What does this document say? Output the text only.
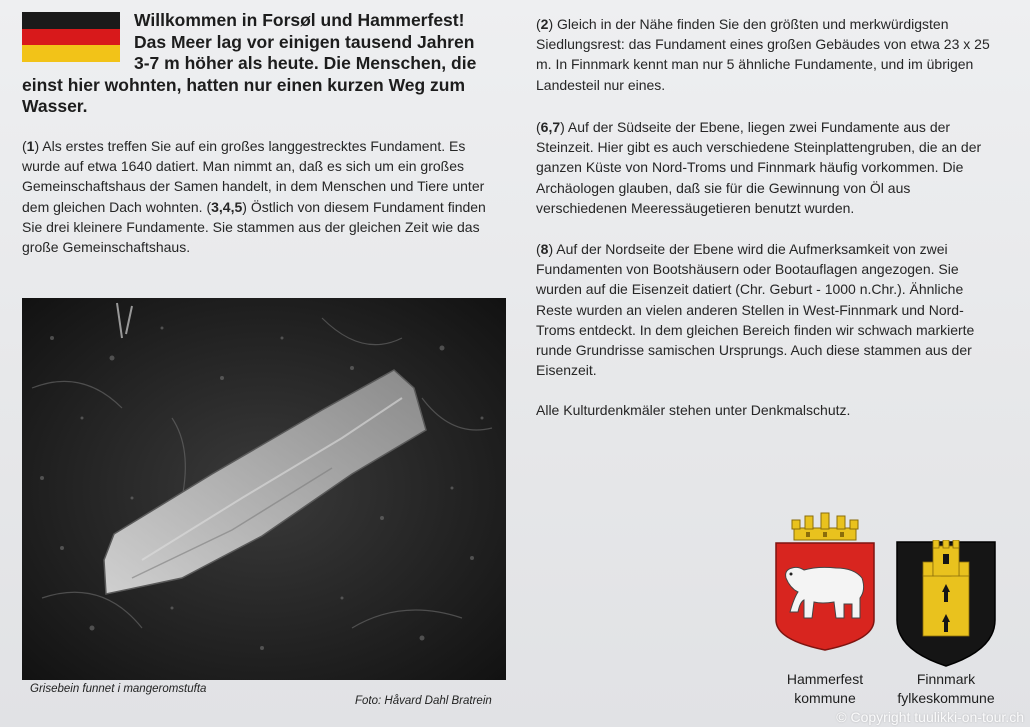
Willkommen in Forsøl und Hammerfest!
Das Meer lag vor einigen tausend Jahren
3-7 m höher als heute. Die Menschen, die
einst hier wohnten, hatten nur einen kurzen Weg zum
Wasser.
(1) Als erstes treffen Sie auf ein großes langgestrecktes Fundament. Es wurde auf etwa 1640 datiert. Man nimmt an, daß es sich um ein großes Gemeinschaftshaus der Samen handelt, in dem Menschen und Tiere unter dem gleichen Dach wohnten. (3,4,5) Östlich von diesem Fundament finden Sie drei kleinere Fundamente. Sie stammen aus der gleichen Zeit wie das große Gemeinschaftshaus.
(2) Gleich in der Nähe finden Sie den größten und merkwürdigsten Siedlungsrest: das Fundament eines großen Gebäudes von etwa 23 x 25 m. In Finnmark kennt man nur 5 ähnliche Fundamente, und im übrigen Landesteil nur eines.
(6,7) Auf der Südseite der Ebene, liegen zwei Fundamente aus der Steinzeit. Hier gibt es auch verschiedene Steinplattengruben, die an der ganzen Küste von Nord-Troms und Finnmark häufig vorkommen. Die Archäologen glauben, daß sie für die Gewinnung von Öl aus verschiedenen Meeressäugetieren benutzt wurden.
(8) Auf der Nordseite der Ebene wird die Aufmerksamkeit von zwei Fundamenten von Bootshäusern oder Bootauflagen angezogen. Sie wurden auf die Eisenzeit datiert (Chr. Geburt - 1000 n.Chr.). Ähnliche Reste wurden an vielen anderen Stellen in West-Finnmark und Nord-Troms entdeckt. In dem gleichen Bereich finden wir schwach markierte runde Grundrisse samischen Ursprungs. Auch diese stammen aus der Eisenzeit.
Alle Kulturdenkmäler stehen unter Denkmalschutz.
Grisebein funnet i mangeromstufta
Foto: Håvard Dahl Bratrein
Hammerfest
kommune
Finnmark
fylkeskommune
© Copyright tuulikki-on-tour.ch
